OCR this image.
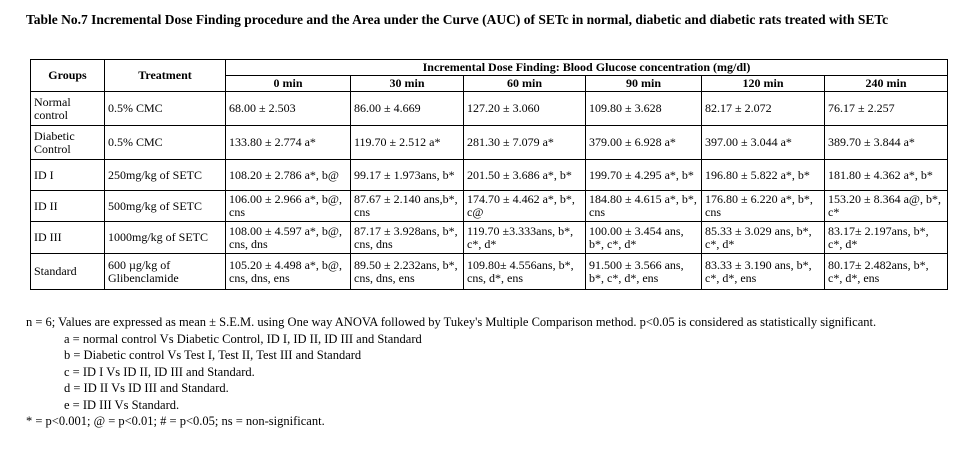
Table No.7 Incremental Dose Finding procedure and the Area under the Curve (AUC) of SETc in normal, diabetic and diabetic rats treated with SETc
Groups	Treatment	Incremental Dose Finding: Blood Glucose concentration (mg/dl)					
		0 min	30 min	60 min	90 min	120 min	240 min
Normal control	0.5% CMC	68.00 ± 2.503	86.00 ± 4.669	127.20 ± 3.060	109.80 ± 3.628	82.17 ± 2.072	76.17 ± 2.257
Diabetic Control	0.5% CMC	133.80 ± 2.774 a*	119.70 ± 2.512 a*	281.30 ± 7.079 a*	379.00 ± 6.928 a*	397.00 ± 3.044 a*	389.70 ± 3.844 a*
ID I	250mg/kg of SETC	108.20 ± 2.786 a*, b@	99.17 ± 1.973ans, b*	201.50 ± 3.686 a*, b*	199.70 ± 4.295 a*, b*	196.80 ± 5.822 a*, b*	181.80 ± 4.362 a*, b*
ID II	500mg/kg of SETC	106.00 ± 2.966 a*, b@, cns	87.67 ± 2.140 ans,b*, cns	174.70 ± 4.462 a*, b*, c@	184.80 ± 4.615 a*, b*, cns	176.80 ± 6.220 a*, b*, cns	153.20 ± 8.364 a@, b*, c*
ID III	1000mg/kg of SETC	108.00 ± 4.597 a*, b@, cns, dns	87.17 ± 3.928ans, b*, cns, dns	119.70 ±3.333ans, b*, c*, d*	100.00 ± 3.454 ans, b*, c*, d*	85.33 ± 3.029 ans, b*, c*, d*	83.17± 2.197ans, b*, c*, d*
Standard	600 µg/kg of Glibenclamide	105.20 ± 4.498 a*, b@, cns, dns, ens	89.50 ± 2.232ans, b*, cns, dns, ens	109.80± 4.556ans, b*, cns, d*, ens	91.500 ± 3.566 ans, b*, c*, d*, ens	83.33 ± 3.190 ans, b*, c*, d*, ens	80.17± 2.482ans, b*, c*, d*, ens

n = 6; Values are expressed as mean ± S.E.M. using One way ANOVA followed by Tukey's Multiple Comparison method. p<0.05 is considered as statistically significant.

a = normal control Vs Diabetic Control, ID I, ID II, ID III and Standard

b = Diabetic control Vs Test I, Test II, Test III and Standard

c = ID I Vs ID II, ID III and Standard.

d = ID II Vs ID III and Standard.

e = ID III Vs Standard.

* = p<0.001; @ = p<0.01; # = p<0.05; ns = non-significant.
